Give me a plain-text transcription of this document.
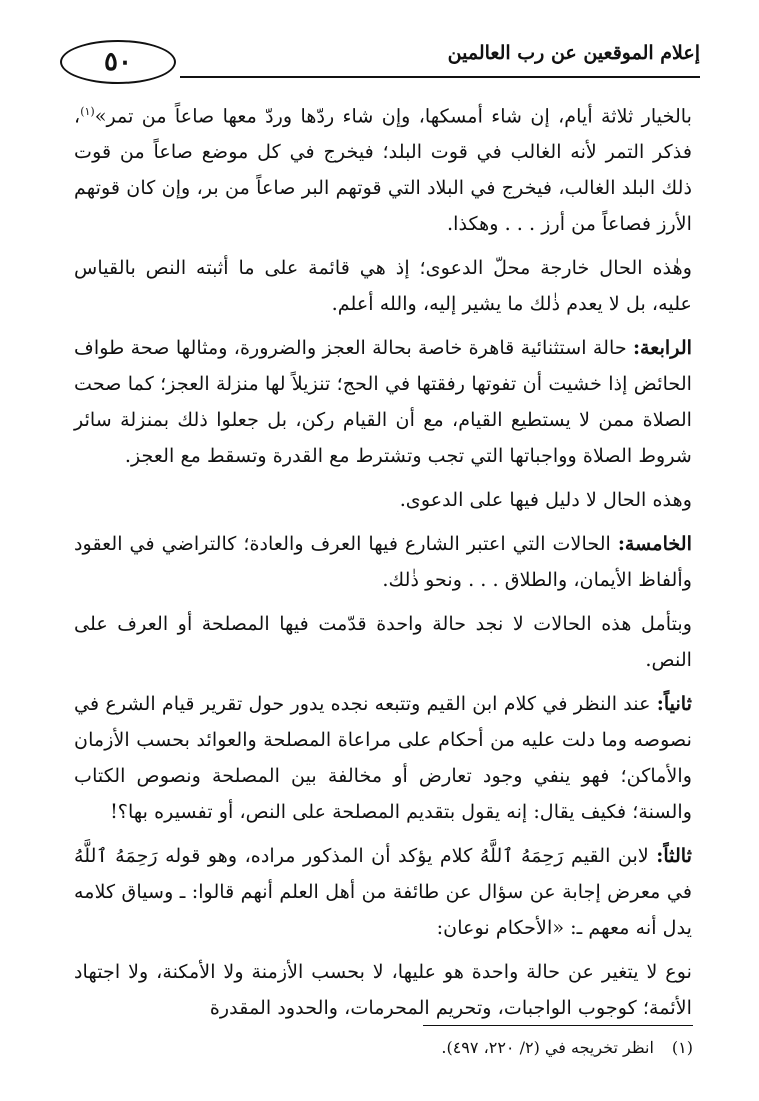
إعلام الموقعين عن رب العالمين
٥٠

بالخيار ثلاثة أيام، إن شاء أمسكها، وإن شاء ردّها وردّ معها صاعاً من تمر»$^{(١)}$، فذكر التمر لأنه الغالب في قوت البلد؛ فيخرج في كل موضع صاعاً من قوت ذلك البلد الغالب، فيخرج في البلاد التي قوتهم البر صاعاً من بر، وإن كان قوتهم الأرز فصاعاً من أرز . . . وهكذا.

وهٰذه الحال خارجة محلّ الدعوى؛ إذ هي قائمة على ما أثبته النص بالقياس عليه، بل لا يعدم ذٰلك ما يشير إليه، والله أعلم.

الرابعة: حالة استثنائية قاهرة خاصة بحالة العجز والضرورة، ومثالها صحة طواف الحائض إذا خشيت أن تفوتها رفقتها في الحج؛ تنزيلاً لها منزلة العجز؛ كما صحت الصلاة ممن لا يستطيع القيام، مع أن القيام ركن، بل جعلوا ذلك بمنزلة سائر شروط الصلاة وواجباتها التي تجب وتشترط مع القدرة وتسقط مع العجز.

وهذه الحال لا دليل فيها على الدعوى.

الخامسة: الحالات التي اعتبر الشارع فيها العرف والعادة؛ كالتراضي في العقود وألفاظ الأيمان، والطلاق . . . ونحو ذٰلك.

وبتأمل هذه الحالات لا نجد حالة واحدة قدّمت فيها المصلحة أو العرف على النص.

ثانياً: عند النظر في كلام ابن القيم وتتبعه نجده يدور حول تقرير قيام الشرع في نصوصه وما دلت عليه من أحكام على مراعاة المصلحة والعوائد بحسب الأزمان والأماكن؛ فهو ينفي وجود تعارض أو مخالفة بين المصلحة ونصوص الكتاب والسنة؛ فكيف يقال: إنه يقول بتقديم المصلحة على النص، أو تفسيره بها؟!

ثالثاً: لابن القيم رَحِمَهُ ٱللَّهُ كلام يؤكد أن المذكور مراده، وهو قوله رَحِمَهُ ٱللَّهُ في معرض إجابة عن سؤال عن طائفة من أهل العلم أنهم قالوا: ـ وسياق كلامه يدل أنه معهم ـ: «الأحكام نوعان:

نوع لا يتغير عن حالة واحدة هو عليها، لا بحسب الأزمنة ولا الأمكنة، ولا اجتهاد الأئمة؛ كوجوب الواجبات، وتحريم المحرمات، والحدود المقدرة

(١)انظر تخريجه في (٢/ ٢٢٠، ٤٩٧).
